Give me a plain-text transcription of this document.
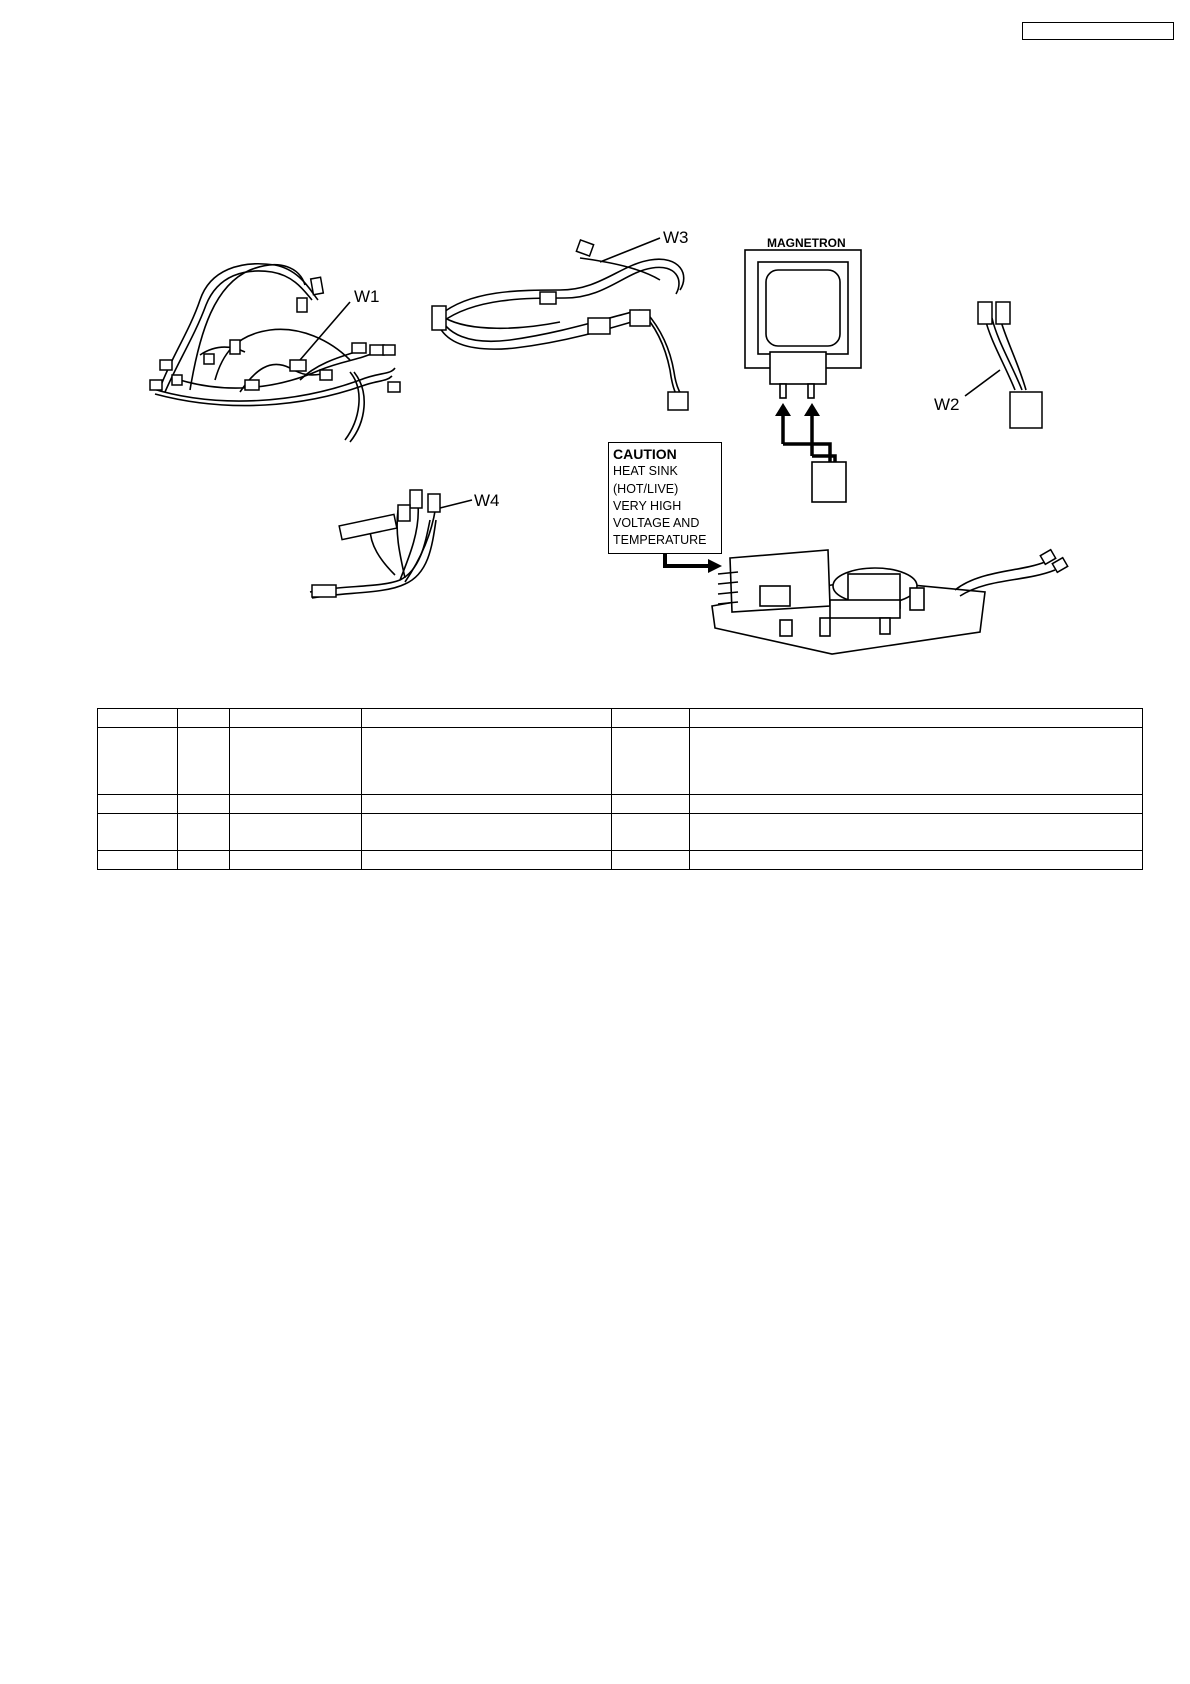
W1
W3	MAGNETRON
W2
W4
CAUTION
HEAT SINK
(HOT/LIVE)
VERY HIGH
VOLTAGE AND
TEMPERATURE
